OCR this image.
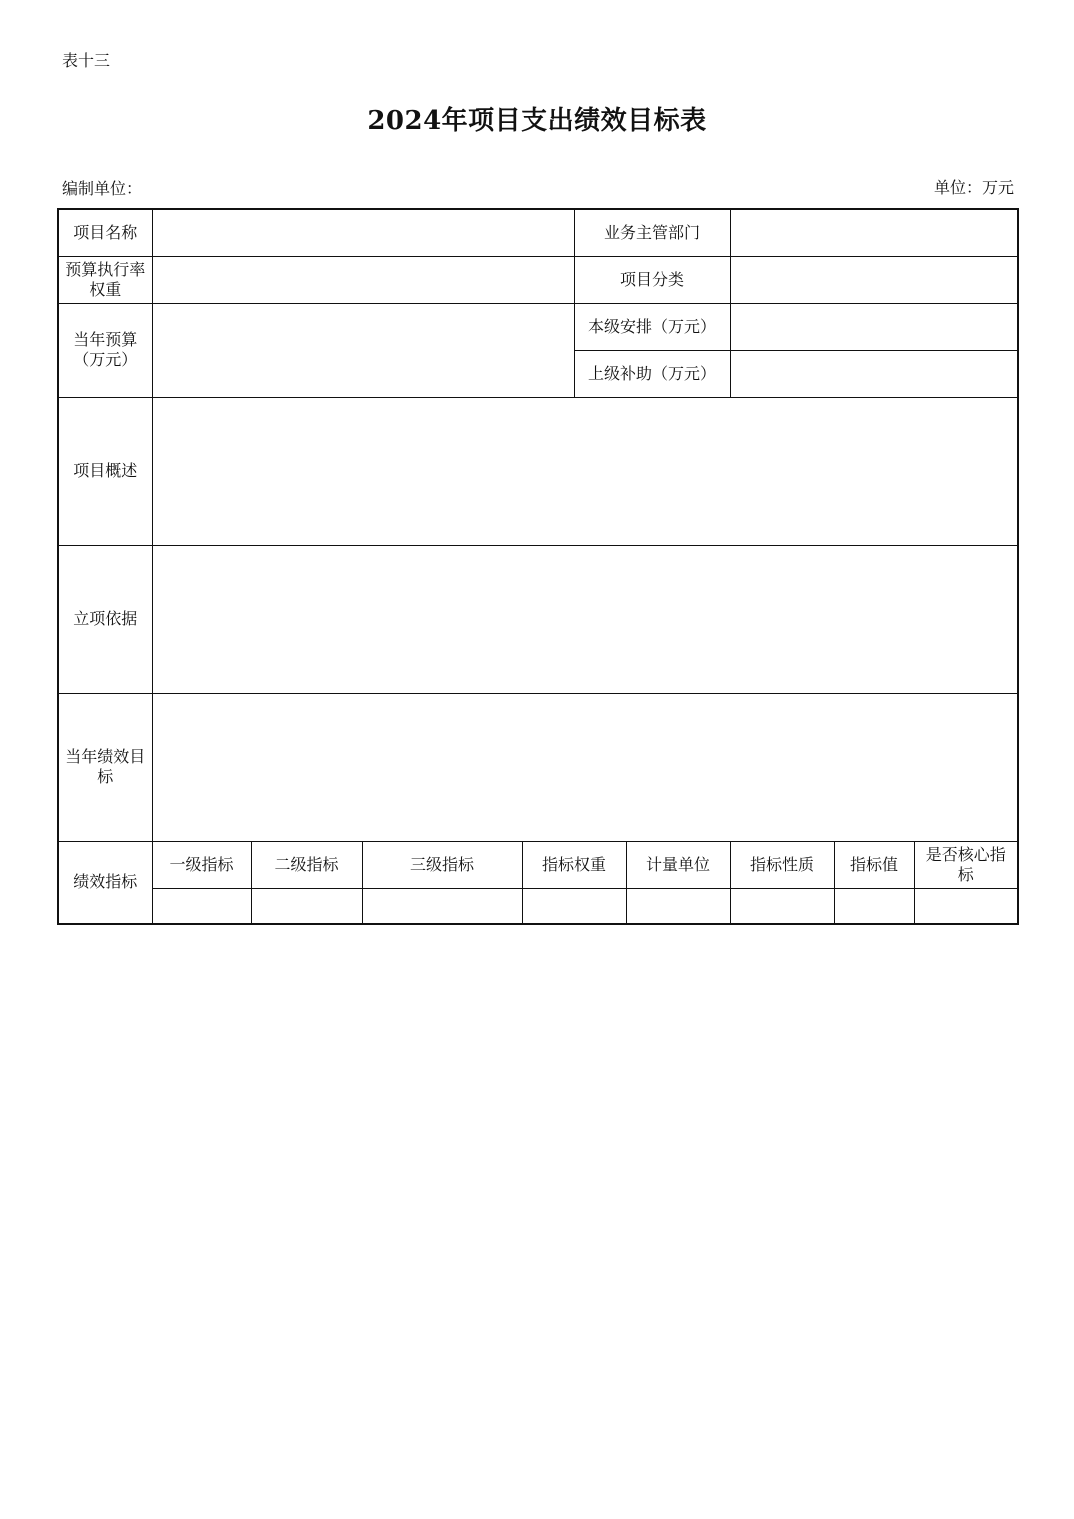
表十三
2024年项目支出绩效目标表
编制单位：	单位：万元
项目名称					业务主管部门				
预算执行率权重					项目分类				
当年预算（万元）					本级安排（万元）				
					上级补助（万元）				
项目概述									
立项依据									
当年绩效目标									
绩效指标	一级指标	二级指标	三级指标	指标权重		计量单位	指标性质	指标值	是否核心指标
